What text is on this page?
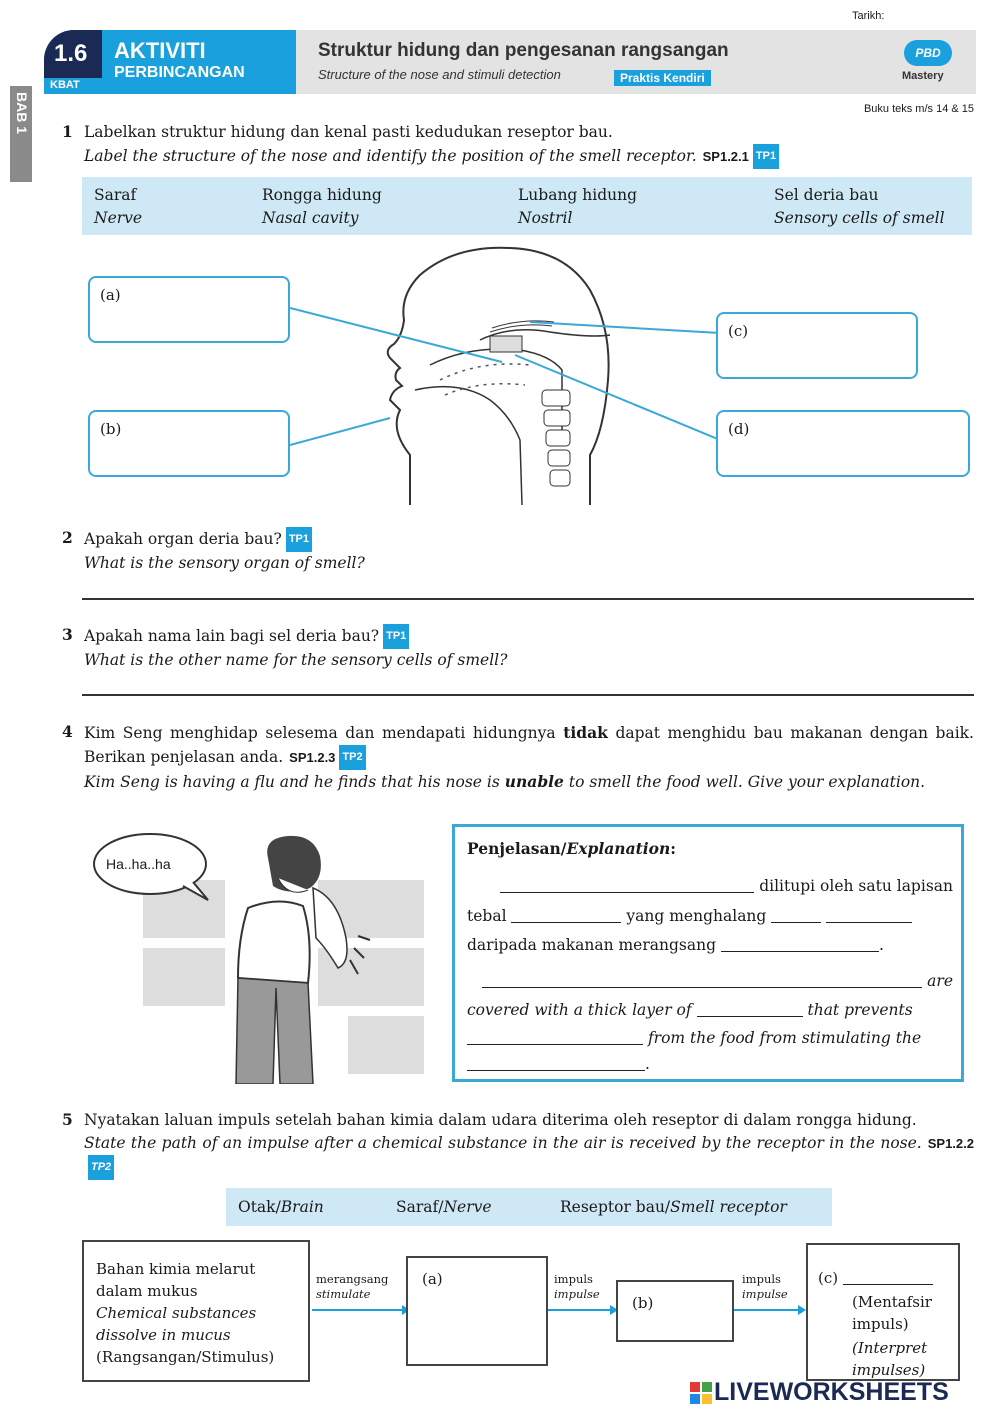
Tarikh:
1.6
KBAT
AKTIVITI
PERBINCANGAN
Struktur hidung dan pengesanan rangsangan
Structure of the nose and stimuli detection	Praktis Kendiri
PBD
Mastery
BAB 1	Buku teks m/s 14 & 15
1 Labelkan struktur hidung dan kenal pasti kedudukan reseptor bau.
Label the structure of the nose and identify the position of the smell receptor. SP1.2.1 TP1
Saraf
Nerve
Rongga hidung
Nasal cavity
Lubang hidung
Nostril
Sel deria bau
Sensory cells of smell
(a)
(b)
(c)
(d)
2 Apakah organ deria bau? TP1
What is the sensory organ of smell?
3 Apakah nama lain bagi sel deria bau? TP1
What is the other name for the sensory cells of smell?
4 Kim Seng menghidap selesema dan mendapati hidungnya tidak dapat menghidu bau makanan dengan baik. Berikan penjelasan anda. SP1.2.3 TP2
Kim Seng is having a flu and he finds that his nose is unable to smell the food well. Give your explanation.
Ha..ha..ha
Penjelasan/Explanation:
dilitupi oleh satu lapisan
tebal	yang menghalang
daripada makanan merangsang	.
are
covered with a thick layer of	that prevents
from the food from stimulating the
.
5 Nyatakan laluan impuls setelah bahan kimia dalam udara diterima oleh reseptor di dalam rongga hidung.
State the path of an impulse after a chemical substance in the air is received by the receptor in the nose. SP1.2.2TP2
Otak/Brain	Saraf/Nerve	Reseptor bau/Smell receptor
Bahan kimia melarut
dalam mukus
Chemical substances
dissolve in mucus
(Rangsangan/Stimulus)
merangsang
stimulate
impuls
impulse
impuls
impulse
(a)
(b)
(c)
(Mentafsir impuls)
(Interpret impulses)
LIVEWORKSHEETS
